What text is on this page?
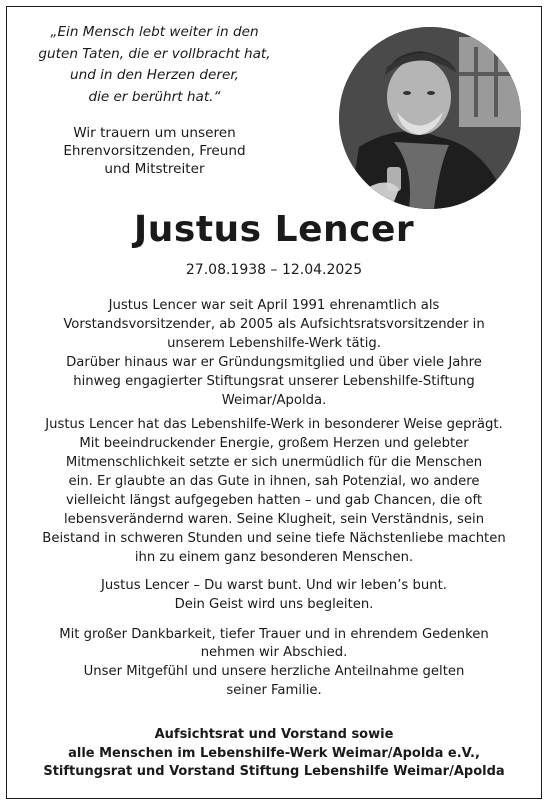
„Ein Mensch lebt weiter in den
guten Taten, die er vollbracht hat,
und in den Herzen derer,
die er berührt hat.“
Wir trauern um unseren
Ehrenvorsitzenden, Freund
und Mitstreiter
Justus Lencer
27.08.1938 – 12.04.2025

Justus Lencer war seit April 1991 ehrenamtlich als
Vorstandsvorsitzender, ab 2005 als Aufsichtsratsvorsitzender in
unserem Lebenshilfe-Werk tätig.
Darüber hinaus war er Gründungsmitglied und über viele Jahre
hinweg engagierter Stiftungsrat unserer Lebenshilfe-Stiftung
Weimar/Apolda.

Justus Lencer hat das Lebenshilfe-Werk in besonderer Weise geprägt.
Mit beeindruckender Energie, großem Herzen und gelebter
Mitmenschlichkeit setzte er sich unermüdlich für die Menschen
ein. Er glaubte an das Gute in ihnen, sah Potenzial, wo andere
vielleicht längst aufgegeben hatten – und gab Chancen, die oft
lebensverändernd waren. Seine Klugheit, sein Verständnis, sein
Beistand in schweren Stunden und seine tiefe Nächstenliebe machten
ihn zu einem ganz besonderen Menschen.

Justus Lencer – Du warst bunt. Und wir leben’s bunt.
Dein Geist wird uns begleiten.

Mit großer Dankbarkeit, tiefer Trauer und in ehrendem Gedenken
nehmen wir Abschied.
Unser Mitgefühl und unsere herzliche Anteilnahme gelten
seiner Familie.

Aufsichtsrat und Vorstand sowie
alle Menschen im Lebenshilfe-Werk Weimar/Apolda e.V.,
Stiftungsrat und Vorstand Stiftung Lebenshilfe Weimar/Apolda
